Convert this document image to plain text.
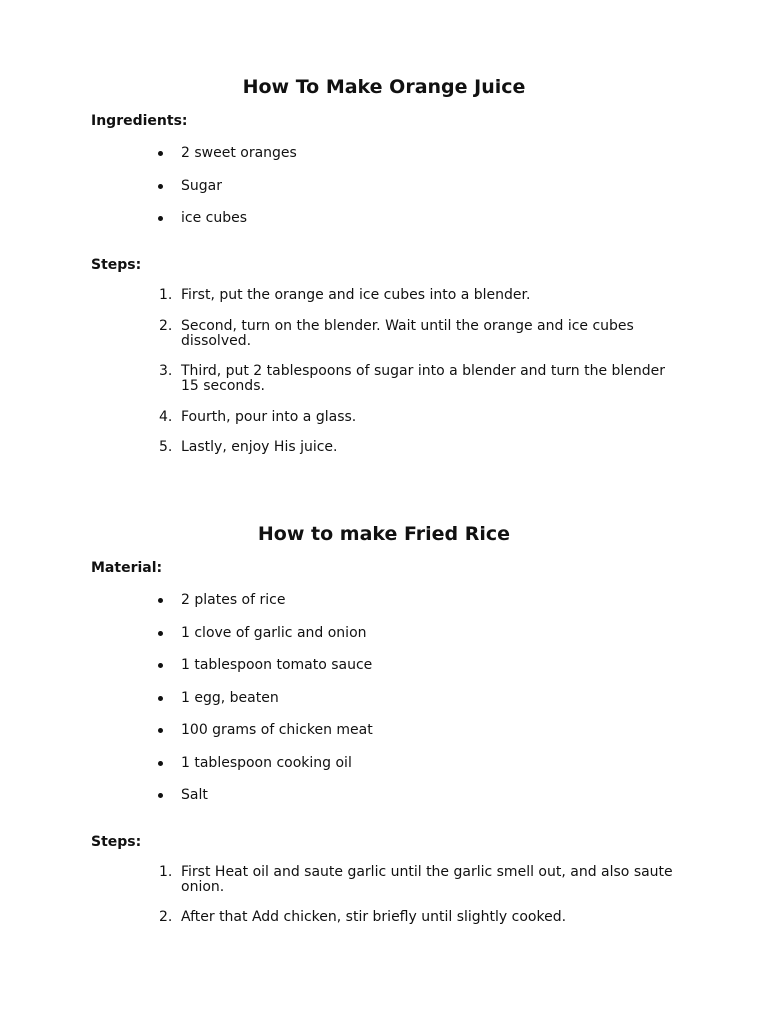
How To Make Orange Juice
Ingredients:
2 sweet oranges
Sugar
ice cubes
Steps:
1. First, put the orange and ice cubes into a blender.
2. Second, turn on the blender. Wait until the orange and ice cubes dissolved.
3. Third, put 2 tablespoons of sugar into a blender and turn the blender 15 seconds.
4. Fourth, pour into a glass.
5. Lastly, enjoy His juice.
How to make Fried Rice
Material:
2 plates of rice
1 clove of garlic and onion
1 tablespoon tomato sauce
1 egg, beaten
100 grams of chicken meat
1 tablespoon cooking oil
Salt
Steps:
1. First Heat oil and saute garlic until the garlic smell out, and also saute onion.
2. After that Add chicken, stir briefly until slightly cooked.
